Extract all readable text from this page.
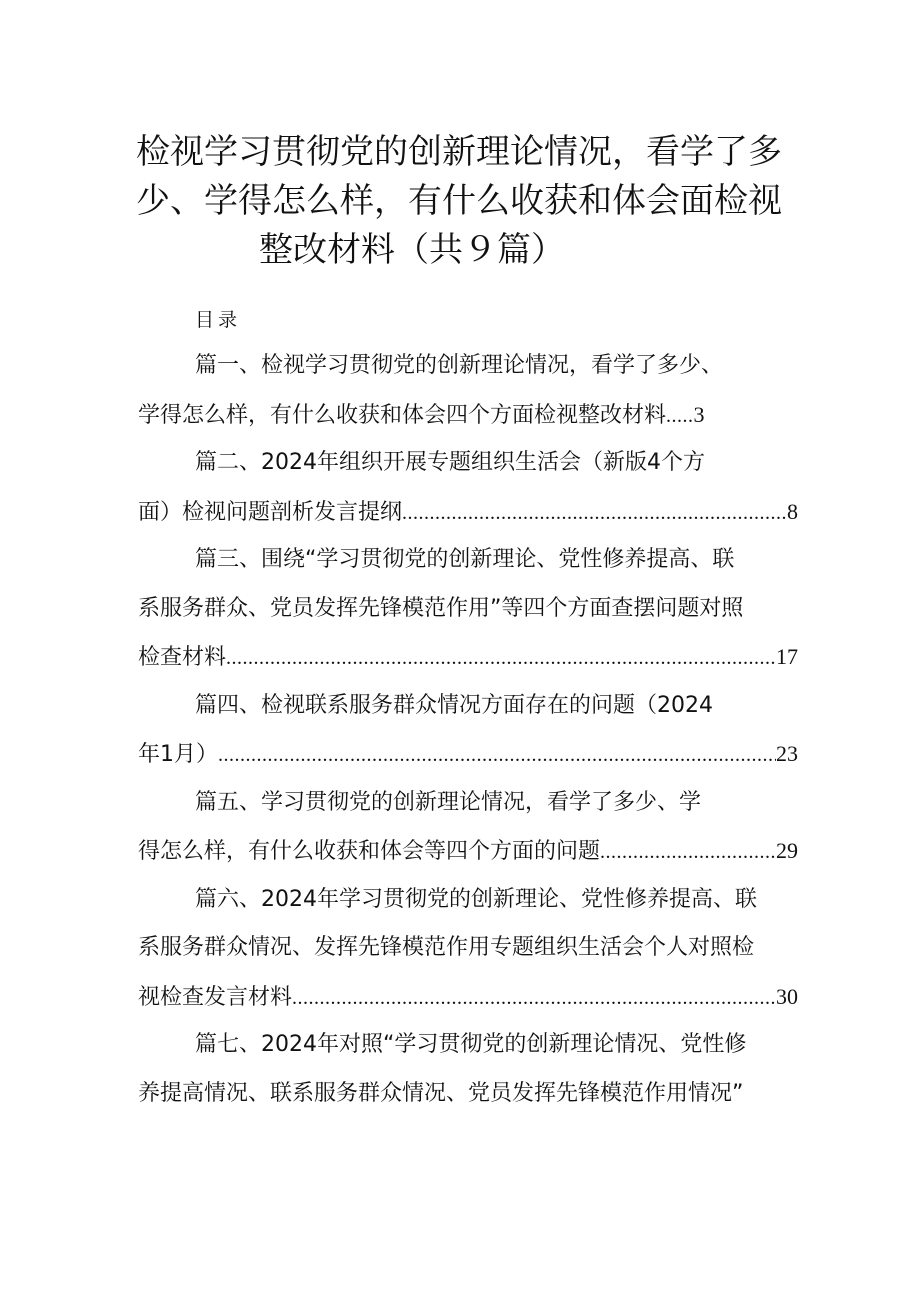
检视学习贯彻党的创新理论情况，看学了多
少、学得怎么样，有什么收获和体会面检视
整改材料（共９篇）
目录
篇一、检视学习贯彻党的创新理论情况，看学了多少、
学得怎么样，有什么收获和体会四个方面检视整改材料 ..... 3
篇二、2024年组织开展专题组织生活会（新版4个方
面）检视问题剖析发言提纲 .....	8
篇三、围绕“学习贯彻党的创新理论、党性修养提高、联
系服务群众、党员发挥先锋模范作用”等四个方面查摆问题对照
检查材料 .....	17
篇四、检视联系服务群众情况方面存在的问题（2024
年1月） .....	23
篇五、学习贯彻党的创新理论情况，看学了多少、学
得怎么样，有什么收获和体会等四个方面的问题 .....	29
篇六、2024年学习贯彻党的创新理论、党性修养提高、联
系服务群众情况、发挥先锋模范作用专题组织生活会个人对照检
视检查发言材料 .....	30
篇七、2024年对照“学习贯彻党的创新理论情况、党性修
养提高情况、联系服务群众情况、党员发挥先锋模范作用情况”
